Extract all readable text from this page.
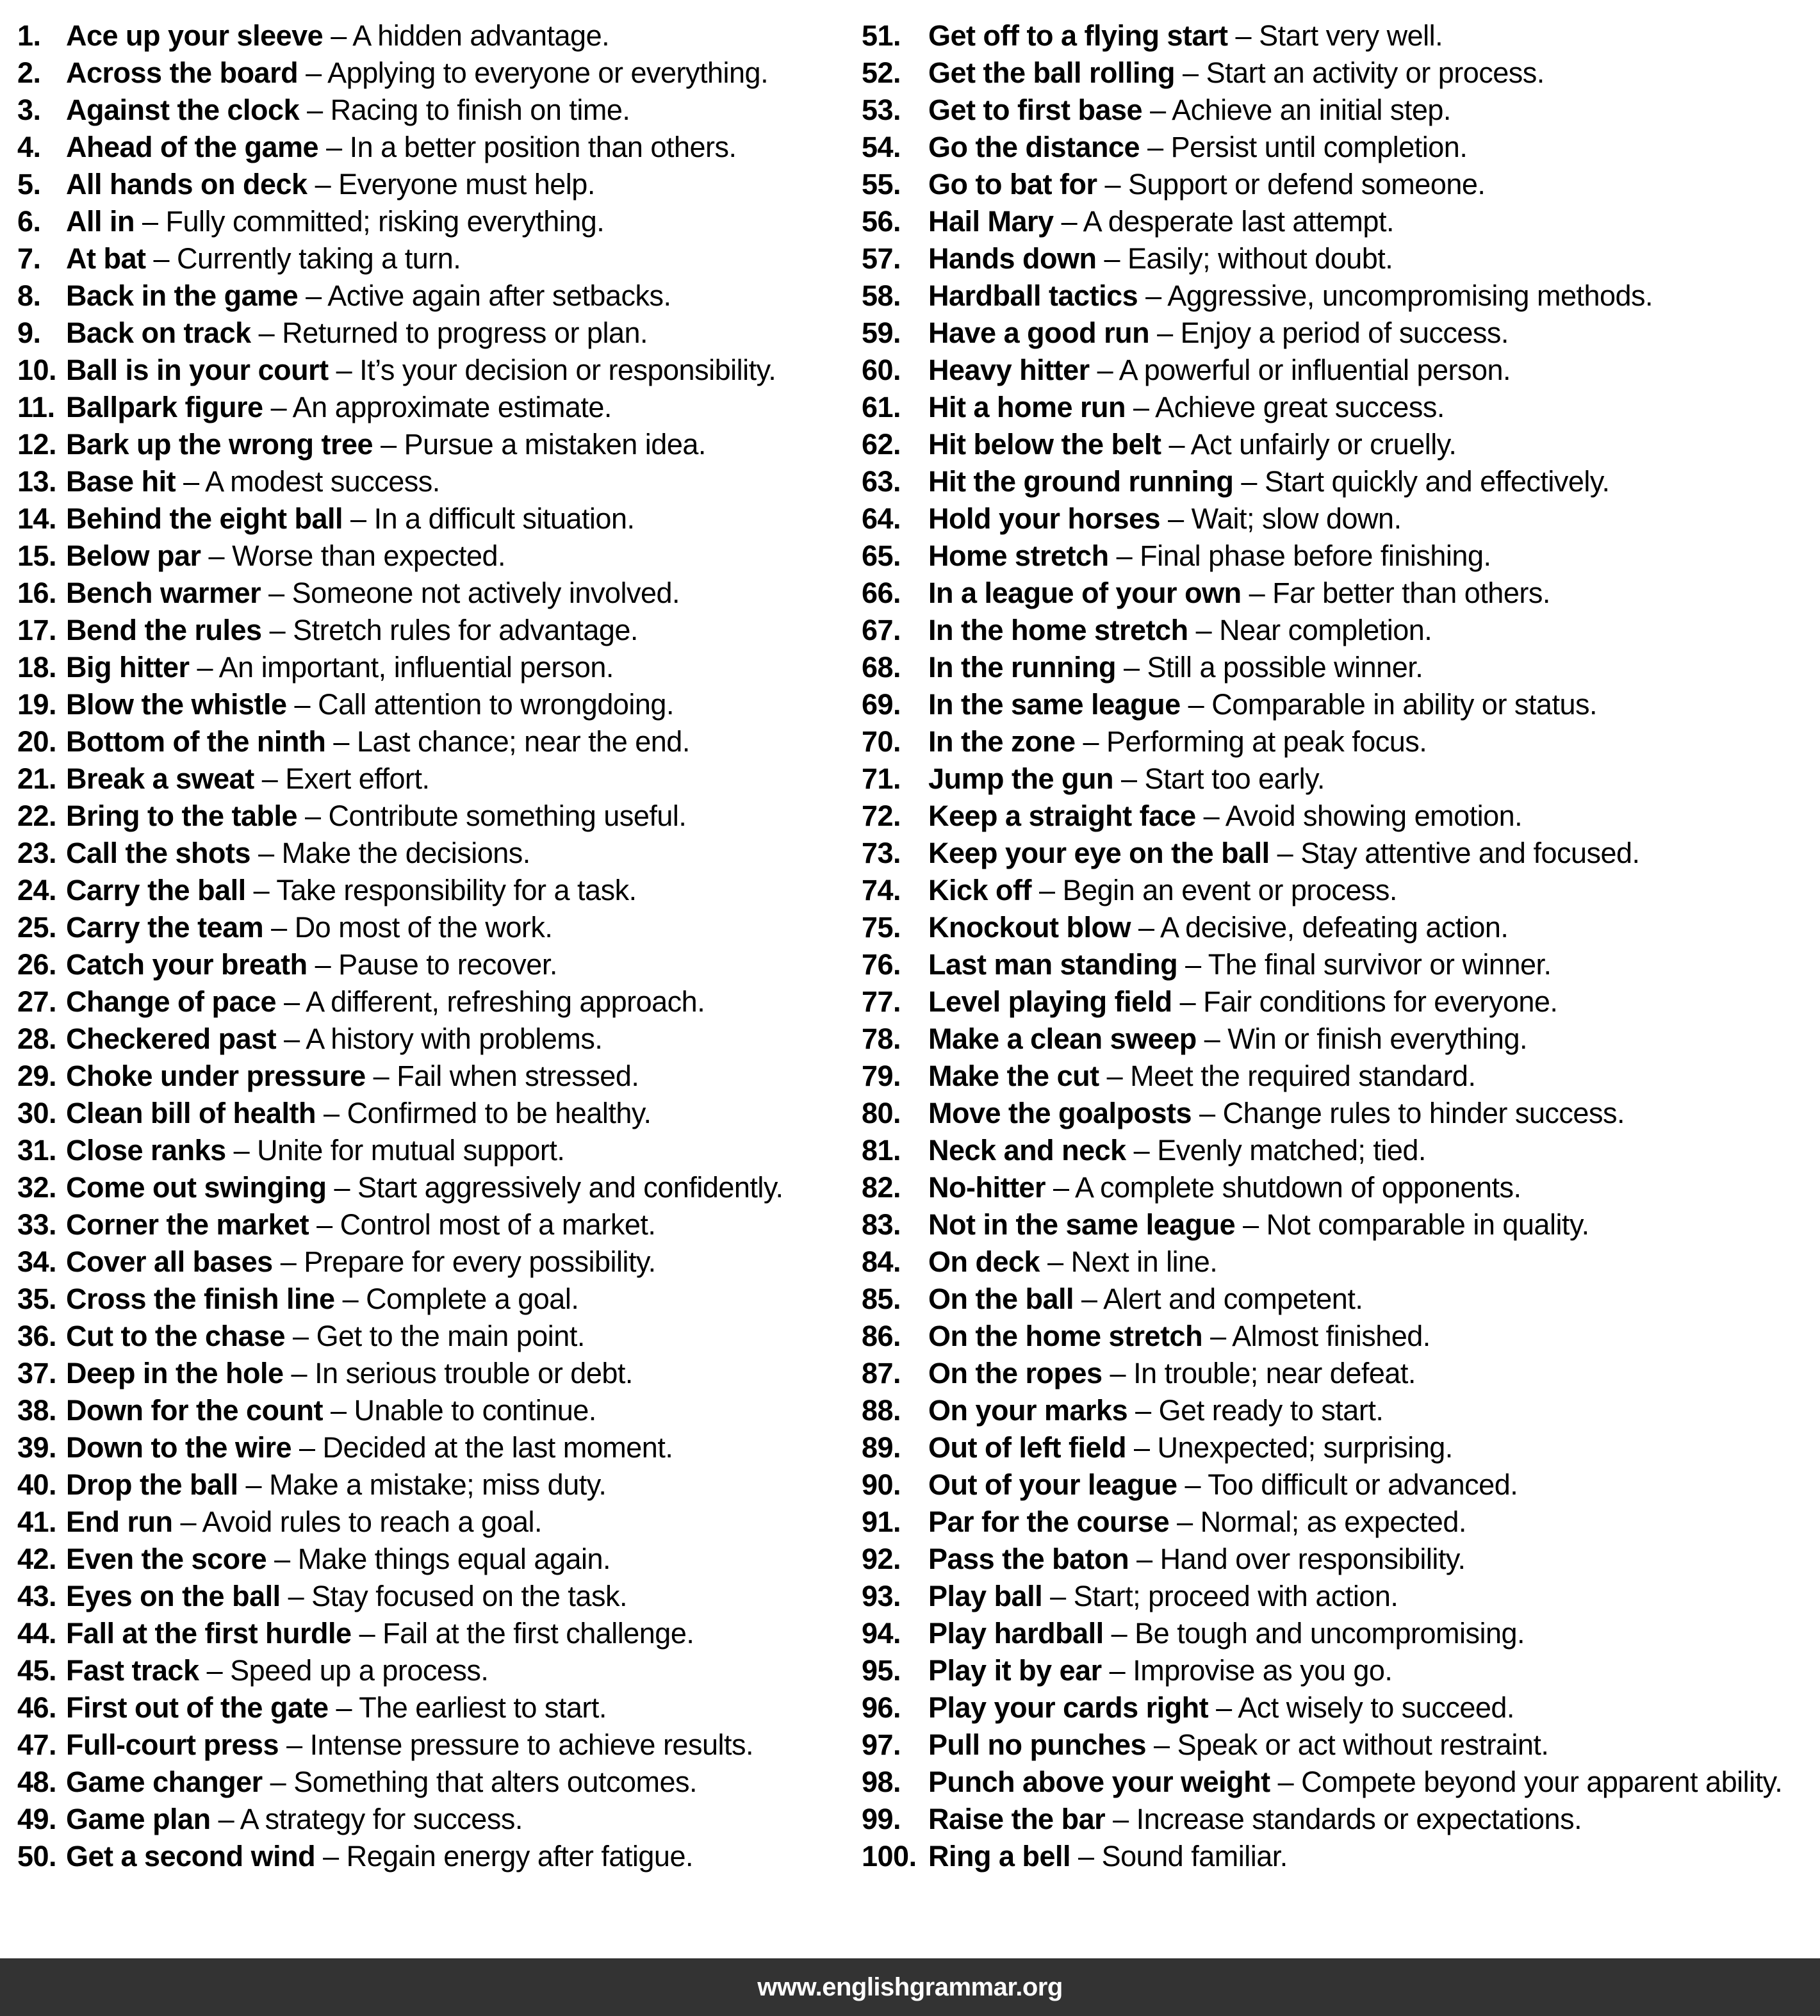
1. Ace up your sleeve – A hidden advantage.
2. Across the board – Applying to everyone or everything.
3. Against the clock – Racing to finish on time.
4. Ahead of the game – In a better position than others.
5. All hands on deck – Everyone must help.
6. All in – Fully committed; risking everything.
7. At bat – Currently taking a turn.
8. Back in the game – Active again after setbacks.
9. Back on track – Returned to progress or plan.
10. Ball is in your court – It’s your decision or responsibility.
11. Ballpark figure – An approximate estimate.
12. Bark up the wrong tree – Pursue a mistaken idea.
13. Base hit – A modest success.
14. Behind the eight ball – In a difficult situation.
15. Below par – Worse than expected.
16. Bench warmer – Someone not actively involved.
17. Bend the rules – Stretch rules for advantage.
18. Big hitter – An important, influential person.
19. Blow the whistle – Call attention to wrongdoing.
20. Bottom of the ninth – Last chance; near the end.
21. Break a sweat – Exert effort.
22. Bring to the table – Contribute something useful.
23. Call the shots – Make the decisions.
24. Carry the ball – Take responsibility for a task.
25. Carry the team – Do most of the work.
26. Catch your breath – Pause to recover.
27. Change of pace – A different, refreshing approach.
28. Checkered past – A history with problems.
29. Choke under pressure – Fail when stressed.
30. Clean bill of health – Confirmed to be healthy.
31. Close ranks – Unite for mutual support.
32. Come out swinging – Start aggressively and confidently.
33. Corner the market – Control most of a market.
34. Cover all bases – Prepare for every possibility.
35. Cross the finish line – Complete a goal.
36. Cut to the chase – Get to the main point.
37. Deep in the hole – In serious trouble or debt.
38. Down for the count – Unable to continue.
39. Down to the wire – Decided at the last moment.
40. Drop the ball – Make a mistake; miss duty.
41. End run – Avoid rules to reach a goal.
42. Even the score – Make things equal again.
43. Eyes on the ball – Stay focused on the task.
44. Fall at the first hurdle – Fail at the first challenge.
45. Fast track – Speed up a process.
46. First out of the gate – The earliest to start.
47. Full-court press – Intense pressure to achieve results.
48. Game changer – Something that alters outcomes.
49. Game plan – A strategy for success.
50. Get a second wind – Regain energy after fatigue.
51. Get off to a flying start – Start very well.
52. Get the ball rolling – Start an activity or process.
53. Get to first base – Achieve an initial step.
54. Go the distance – Persist until completion.
55. Go to bat for – Support or defend someone.
56. Hail Mary – A desperate last attempt.
57. Hands down – Easily; without doubt.
58. Hardball tactics – Aggressive, uncompromising methods.
59. Have a good run – Enjoy a period of success.
60. Heavy hitter – A powerful or influential person.
61. Hit a home run – Achieve great success.
62. Hit below the belt – Act unfairly or cruelly.
63. Hit the ground running – Start quickly and effectively.
64. Hold your horses – Wait; slow down.
65. Home stretch – Final phase before finishing.
66. In a league of your own – Far better than others.
67. In the home stretch – Near completion.
68. In the running – Still a possible winner.
69. In the same league – Comparable in ability or status.
70. In the zone – Performing at peak focus.
71. Jump the gun – Start too early.
72. Keep a straight face – Avoid showing emotion.
73. Keep your eye on the ball – Stay attentive and focused.
74. Kick off – Begin an event or process.
75. Knockout blow – A decisive, defeating action.
76. Last man standing – The final survivor or winner.
77. Level playing field – Fair conditions for everyone.
78. Make a clean sweep – Win or finish everything.
79. Make the cut – Meet the required standard.
80. Move the goalposts – Change rules to hinder success.
81. Neck and neck – Evenly matched; tied.
82. No-hitter – A complete shutdown of opponents.
83. Not in the same league – Not comparable in quality.
84. On deck – Next in line.
85. On the ball – Alert and competent.
86. On the home stretch – Almost finished.
87. On the ropes – In trouble; near defeat.
88. On your marks – Get ready to start.
89. Out of left field – Unexpected; surprising.
90. Out of your league – Too difficult or advanced.
91. Par for the course – Normal; as expected.
92. Pass the baton – Hand over responsibility.
93. Play ball – Start; proceed with action.
94. Play hardball – Be tough and uncompromising.
95. Play it by ear – Improvise as you go.
96. Play your cards right – Act wisely to succeed.
97. Pull no punches – Speak or act without restraint.
98. Punch above your weight – Compete beyond your apparent ability.
99. Raise the bar – Increase standards or expectations.
100. Ring a bell – Sound familiar.
www.englishgrammar.org
